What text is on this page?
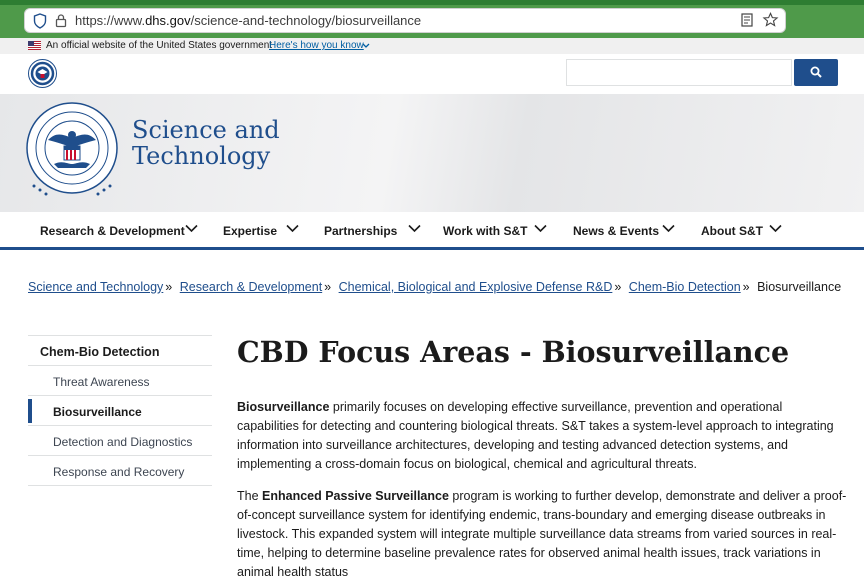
https://www.dhs.gov/science-and-technology/biosurveillance
An official website of the United States government
Here's how you know
Science and
Technology
Research & Development	Expertise	Partnerships	Work with S&T	News & Events	About S&T
Science and Technology » Research & Development » Chemical, Biological and Explosive Defense R&D » Chem-Bio Detection » Biosurveillance
Chem-Bio Detection
Threat Awareness
Biosurveillance
Detection and Diagnostics
Response and Recovery
CBD Focus Areas - Biosurveillance

Biosurveillance primarily focuses on developing effective surveillance, prevention and operational capabilities for detecting and countering biological threats. S&T takes a system-level approach to integrating information into surveillance architectures, developing and testing advanced detection systems, and implementing a cross-domain focus on biological, chemical and agricultural threats.

The Enhanced Passive Surveillance program is working to further develop, demonstrate and deliver a proof-of-concept surveillance system for identifying endemic, trans-boundary and emerging disease outbreaks in livestock. This expanded system will integrate multiple surveillance data streams from varied sources in real-time, helping to determine baseline prevalence rates for observed animal health issues, track variations in animal health status
